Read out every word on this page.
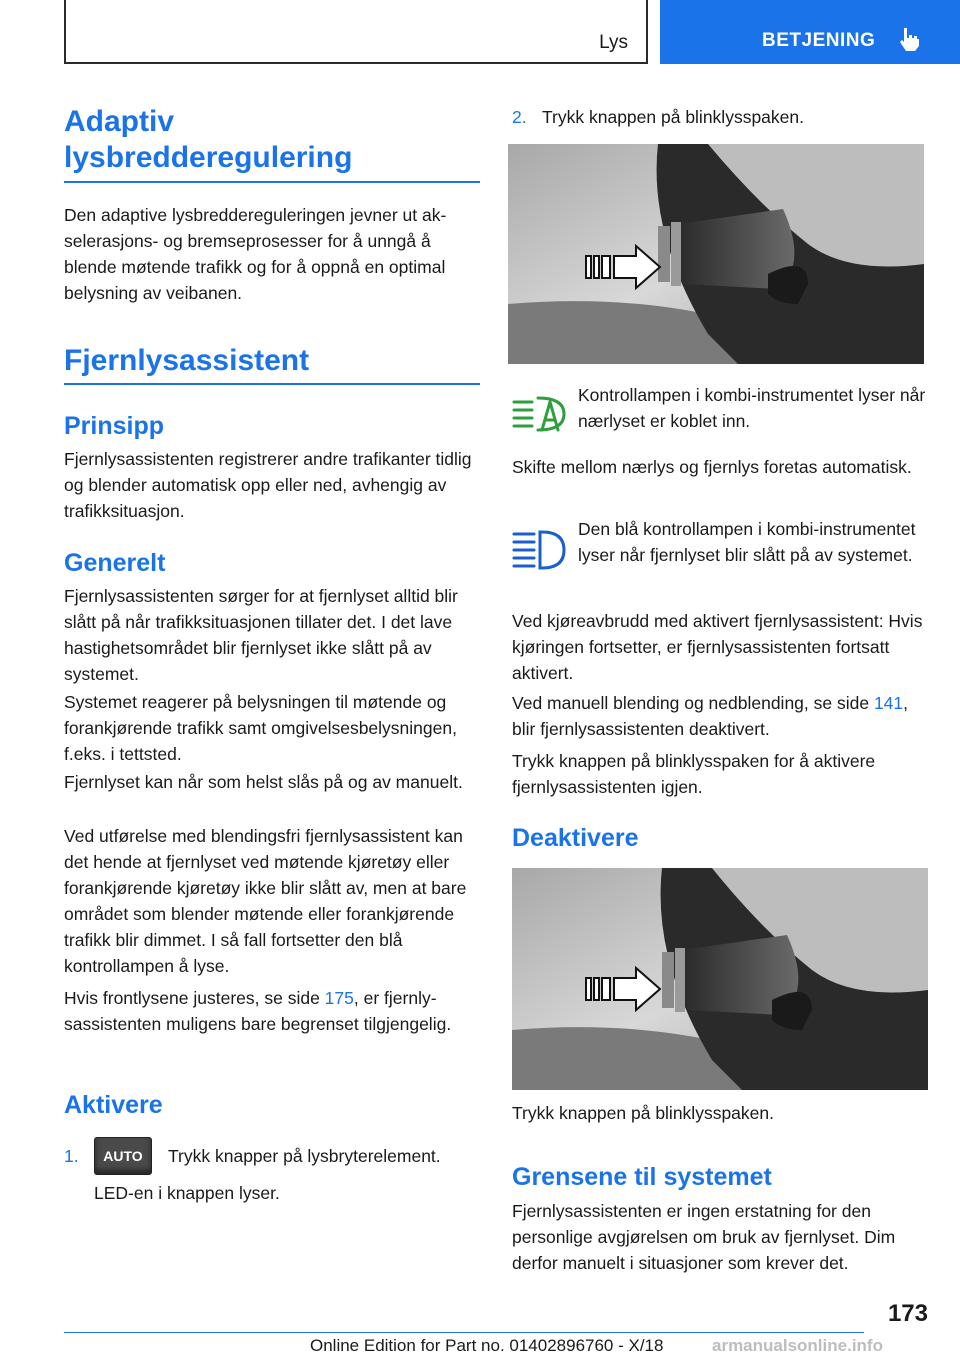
Lys	BETJENING
Adaptiv
lysbredderegulering

Den adaptive lysbreddereguleringen jevner ut akselerasjons- og bremseprosesser for å unngå å blende møtende trafikk og for å oppnå en optimal belysning av veibanen.

Fjernlysassistent
Prinsipp

Fjernlysassistenten registrerer andre trafikanter tidlig og blender automatisk opp eller ned, avhengig av trafikksituasjon.

Generelt

Fjernlysassistenten sørger for at fjernlyset alltid blir slått på når trafikksituasjonen tillater det. I det lave hastighetsområdet blir fjernlyset ikke slått på av systemet.

Systemet reagerer på belysningen til møtende og forankjørende trafikk samt omgivelsesbelysningen, f.eks. i tettsted.

Fjernlyset kan når som helst slås på og av manuelt.

Ved utførelse med blendingsfri fjernlysassistent kan det hende at fjernlyset ved møtende kjøretøy eller forankjørende kjøretøy ikke blir slått av, men at bare området som blender møtende eller forankjørende trafikk blir dimmet. I så fall fortsetter den blå kontrollampen å lyse.

Hvis frontlysene justeres, se side 175, er fjernlysassistenten muligens bare begrenset tilgjengelig.

Aktivere
1.	AUTO	Trykk knapper på lysbryterelement.

LED-en i knappen lyser.

2. Trykk knappen på blinklysspaken.

Kontrollampen i kombi-instrumentet lyser når nærlyset er koblet inn.

Skifte mellom nærlys og fjernlys foretas automatisk.

Den blå kontrollampen i kombi-instrumentet lyser når fjernlyset blir slått på av systemet.

Ved kjøreavbrudd med aktivert fjernlysassistent: Hvis kjøringen fortsetter, er fjernlysassistenten fortsatt aktivert.

Ved manuell blending og nedblending, se side 141, blir fjernlysassistenten deaktivert.

Trykk knappen på blinklysspaken for å aktivere fjernlysassistenten igjen.

Deaktivere

Trykk knappen på blinklysspaken.

Grensene til systemet

Fjernlysassistenten er ingen erstatning for den personlige avgjørelsen om bruk av fjernlyset. Dim derfor manuelt i situasjoner som krever det.

173
Online Edition for Part no. 01402896760 - X/18	armanualsonline.info
